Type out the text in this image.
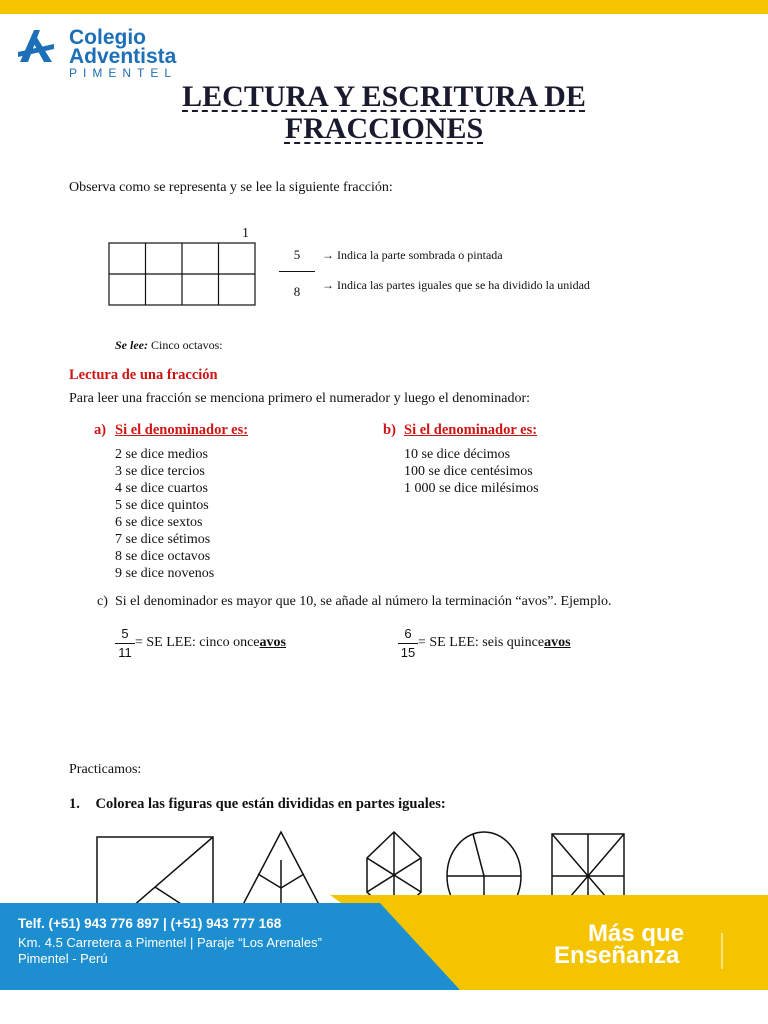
Colegio
Adventista
PIMENTEL
LECTURA Y ESCRITURA DE
FRACCIONES
Observa como se representa y se lee la siguiente fracción:
1
5
8
→ Indica la parte sombrada o pintada
→ Indica las partes iguales que se ha dividido la unidad
Se lee: Cinco octavos:
Lectura de una fracción
Para leer una fracción se menciona primero el numerador y luego el denominador:
a) Si el denominador es:
2 se dice medios
3 se dice tercios
4 se dice cuartos
5 se dice quintos
6 se dice sextos
7 se dice sétimos
8 se dice octavos
9 se dice novenos
b) Si el denominador es:
10 se dice décimos
100 se dice centésimos
1 000 se dice milésimos
c) Si el denominador es mayor que 10, se añade al número la terminación “avos”. Ejemplo.
5
11
= SE LEE: cinco onceavos
6
15
= SE LEE: seis quinceavos
Practicamos:
1. Colorea las figuras que están divididas en partes iguales:
Telf. (+51) 943 776 897 | (+51) 943 777 168
Km. 4.5 Carretera a Pimentel | Paraje “Los Arenales”
Pimentel - Perú
Más que
Enseñanza
